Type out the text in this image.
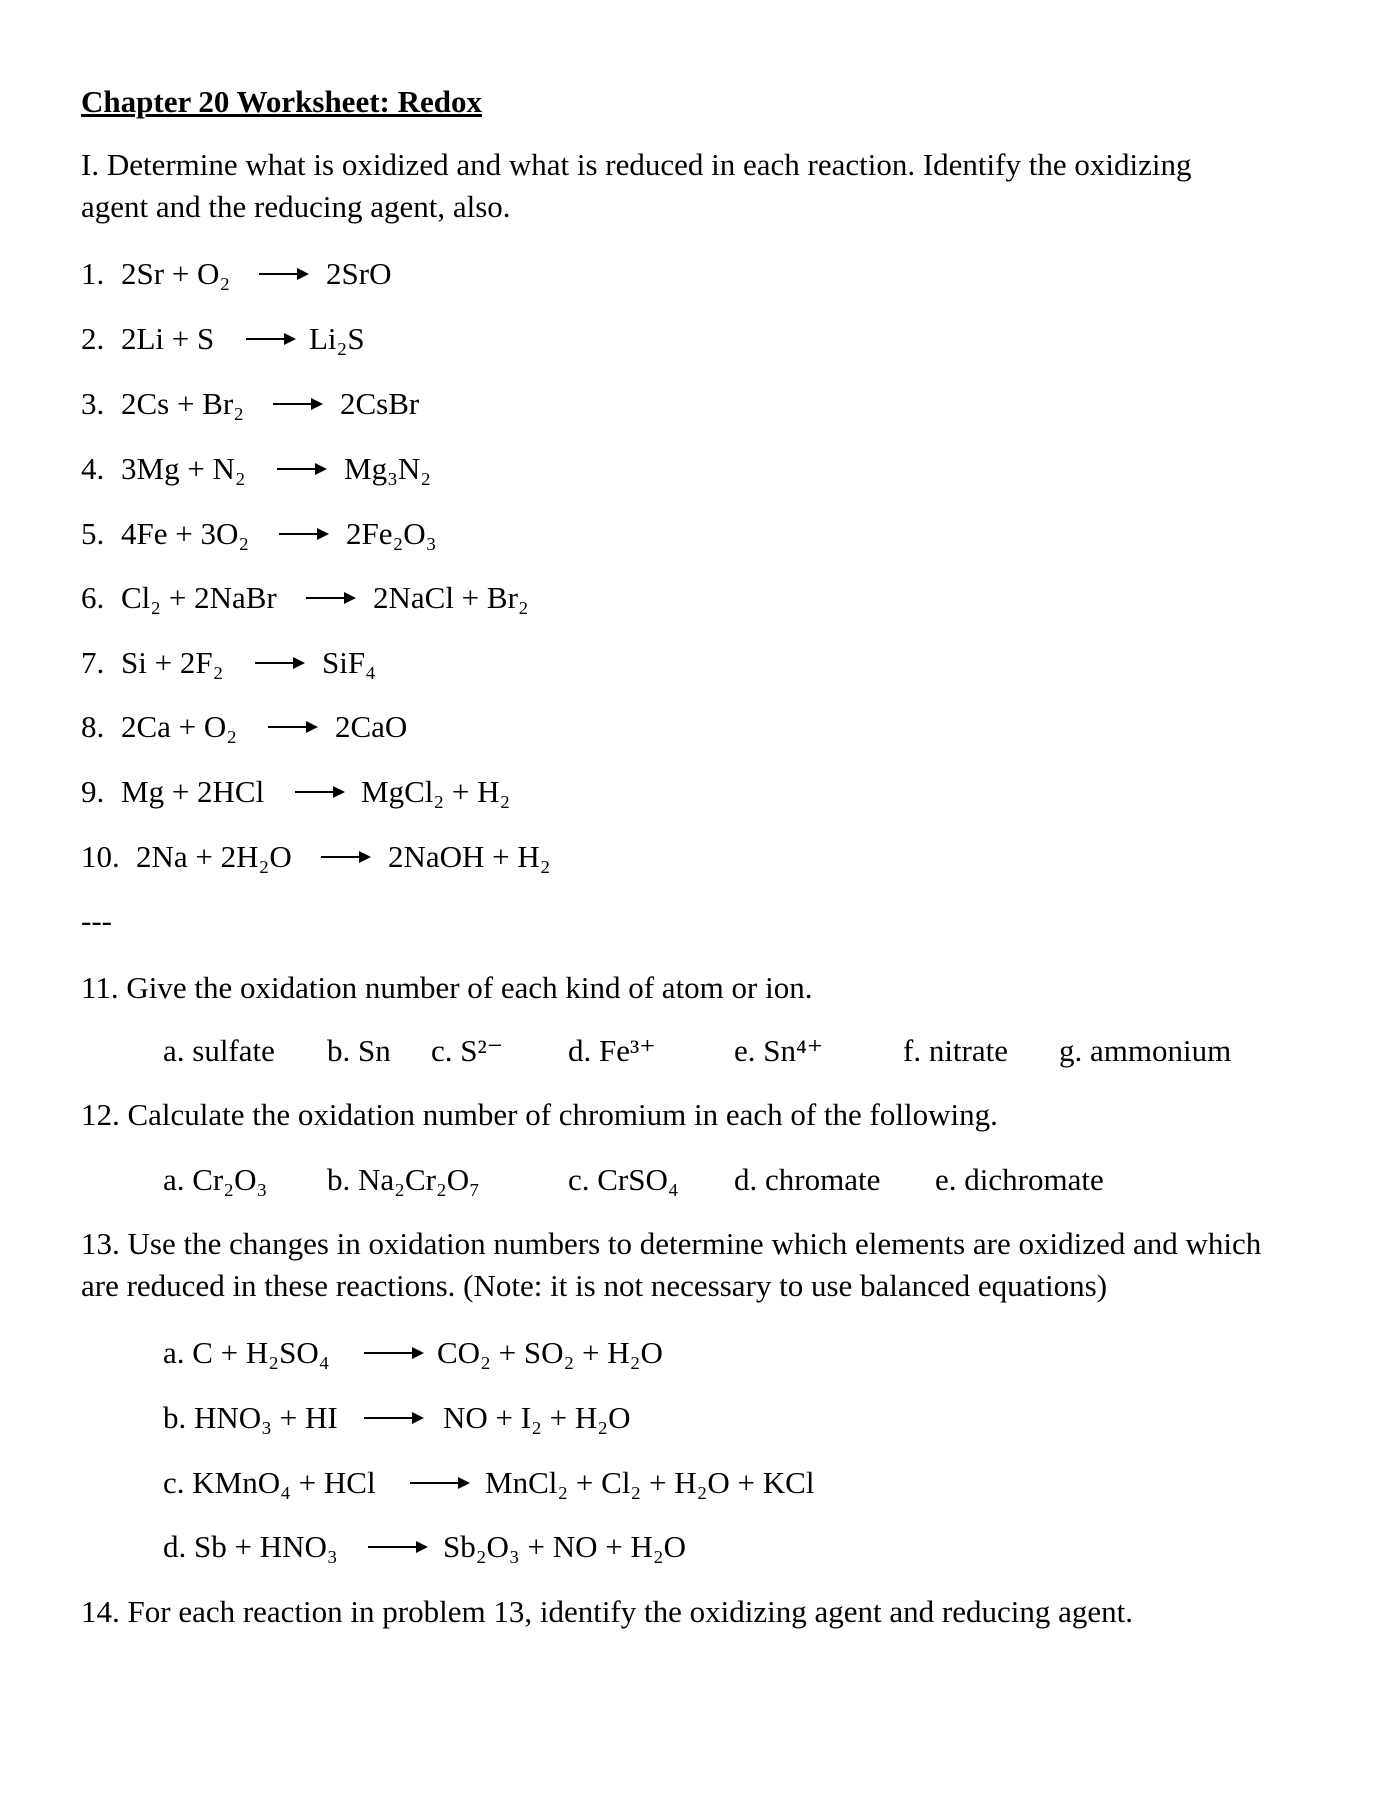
Chapter 20 Worksheet: Redox
I. Determine what is oxidized and what is reduced in each reaction. Identify the oxidizing
agent and the reducing agent, also.
1. 2Sr + O₂ → 2SrO
2. 2Li + S → Li₂S
3. 2Cs + Br₂ → 2CsBr
4. 3Mg + N₂ → Mg₃N₂
5. 4Fe + 3O₂ → 2Fe₂O₃
6. Cl₂ + 2NaBr → 2NaCl + Br₂
7. Si + 2F₂ → SiF₄
8. 2Ca + O₂ → 2CaO
9. Mg + 2HCl → MgCl₂ + H₂
10. 2Na + 2H₂O → 2NaOH + H₂
---
11. Give the oxidation number of each kind of atom or ion.
a. sulfate b. Sn c. S²⁻ d. Fe³⁺	e. Sn⁴⁺	f. nitrate g. ammonium
12. Calculate the oxidation number of chromium in each of the following.
a. Cr₂O₃ b. Na₂Cr₂O₇	c. CrSO₄ d. chromate e. dichromate
13. Use the changes in oxidation numbers to determine which elements are oxidized and which
are reduced in these reactions. (Note: it is not necessary to use balanced equations)
a. C + H₂SO₄ → CO₂ + SO₂ + H₂O
b. HNO₃ + HI → NO + I₂ + H₂O
c. KMnO₄ + HCl → MnCl₂ + Cl₂ + H₂O + KCl
d. Sb + HNO₃ → Sb₂O₃ + NO + H₂O
14. For each reaction in problem 13, identify the oxidizing agent and reducing agent.
